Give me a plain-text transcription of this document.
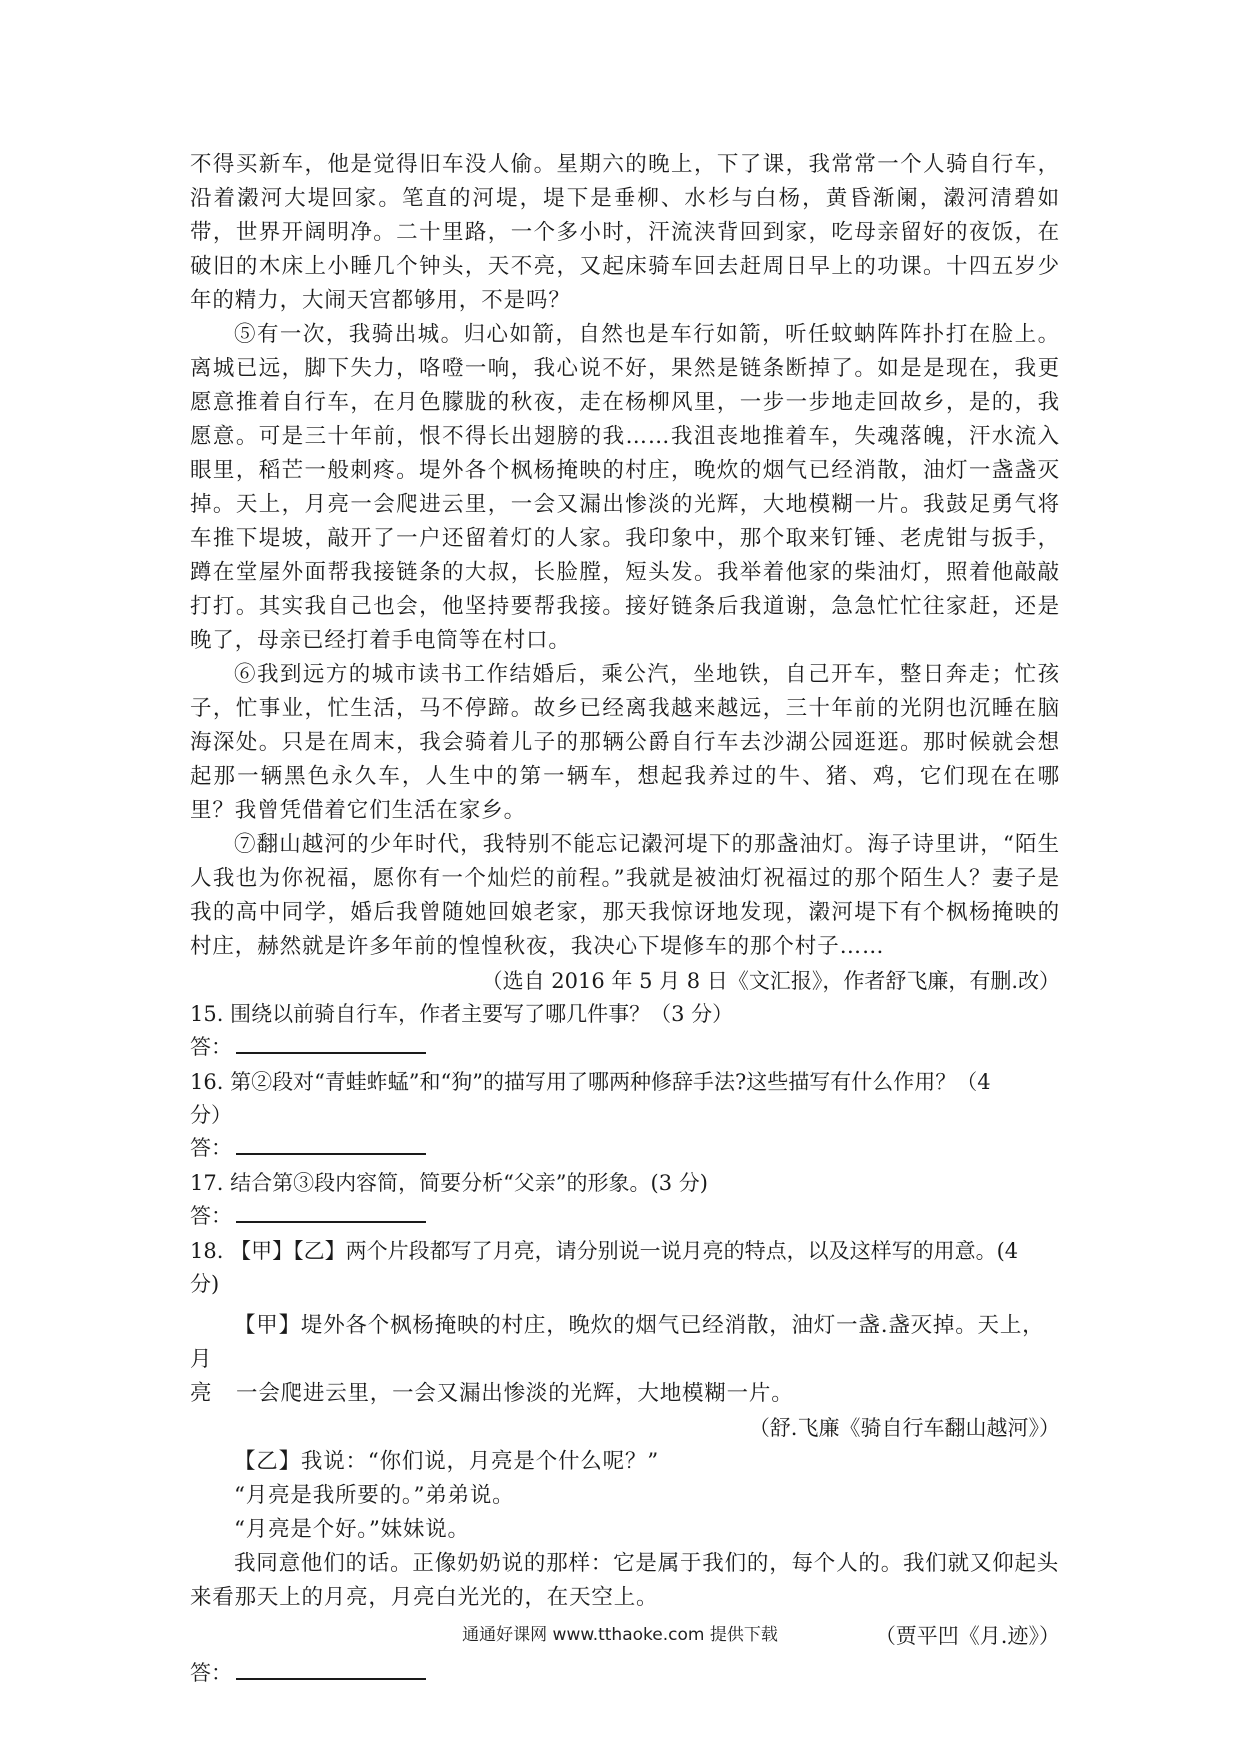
不得买新车，他是觉得旧车没人偷。星期六的晚上，下了课，我常常一个人骑自行车，沿着瀔河大堤回家。笔直的河堤，堤下是垂柳、水杉与白杨，黄昏渐阑，瀔河清碧如带，世界开阔明净。二十里路，一个多小时，汗流浃背回到家，吃母亲留好的夜饭，在破旧的木床上小睡几个钟头，天不亮，又起床骑车回去赶周日早上的功课。十四五岁少年的精力，大闹天宫都够用，不是吗？

⑤有一次，我骑出城。归心如箭，自然也是车行如箭，听任蚊蚋阵阵扑打在脸上。离城已远，脚下失力，咯噔一响，我心说不好，果然是链条断掉了。如是是现在，我更愿意推着自行车，在月色朦胧的秋夜，走在杨柳风里，一步一步地走回故乡，是的，我愿意。可是三十年前，恨不得长出翅膀的我……我沮丧地推着车，失魂落魄，汗水流入眼里，稻芒一般刺疼。堤外各个枫杨掩映的村庄，晚炊的烟气已经消散，油灯一盏盏灭掉。天上，月亮一会爬进云里，一会又漏出惨淡的光辉，大地模糊一片。我鼓足勇气将车推下堤坡，敲开了一户还留着灯的人家。我印象中，那个取来钉锤、老虎钳与扳手，蹲在堂屋外面帮我接链条的大叔，长脸膛，短头发。我举着他家的柴油灯，照着他敲敲打打。其实我自己也会，他坚持要帮我接。接好链条后我道谢，急急忙忙往家赶，还是晚了，母亲已经打着手电筒等在村口。

⑥我到远方的城市读书工作结婚后，乘公汽，坐地铁，自己开车，整日奔走；忙孩子，忙事业，忙生活，马不停蹄。故乡已经离我越来越远，三十年前的光阴也沉睡在脑海深处。只是在周末，我会骑着儿子的那辆公爵自行车去沙湖公园逛逛。那时候就会想起那一辆黑色永久车，人生中的第一辆车，想起我养过的牛、猪、鸡，它们现在在哪里？我曾凭借着它们生活在家乡。

⑦翻山越河的少年时代，我特别不能忘记瀔河堤下的那盏油灯。海子诗里讲，“陌生人我也为你祝福，愿你有一个灿烂的前程。”我就是被油灯祝福过的那个陌生人？妻子是我的高中同学，婚后我曾随她回娘老家，那天我惊讶地发现，瀔河堤下有个枫杨掩映的村庄，赫然就是许多年前的惶惶秋夜，我决心下堤修车的那个村子……

（选自 2016 年 5 月 8 日《文汇报》，作者舒飞廉，有删.改）

15. 围绕以前骑自行车，作者主要写了哪几件事？（3 分）

答：

16. 第②段对“青蛙蚱蜢”和“狗”的描写用了哪两种修辞手法?这些描写有什么作用？（4

分）

答：

17. 结合第③段内容简，简要分析“父亲”的形象。(3 分)

答：

18. 【甲】【乙】两个片段都写了月亮，请分别说一说月亮的特点，以及这样写的用意。(4

分)

【甲】堤外各个枫杨掩映的村庄，晚炊的烟气已经消散，油灯一盏.盏灭掉。天上，月

亮	一会爬进云里，一会又漏出惨淡的光辉，大地模糊一片。

（舒.飞廉《骑自行车翻山越河》）

【乙】我说：“你们说，月亮是个什么呢？”

“月亮是我所要的。”弟弟说。

“月亮是个好。”妹妹说。

我同意他们的话。正像奶奶说的那样：它是属于我们的，每个人的。我们就又仰起头来看那天上的月亮，月亮白光光的，在天空上。

（贾平凹《月.迹》）

答：

通通好课网 www.tthaoke.com 提供下载
